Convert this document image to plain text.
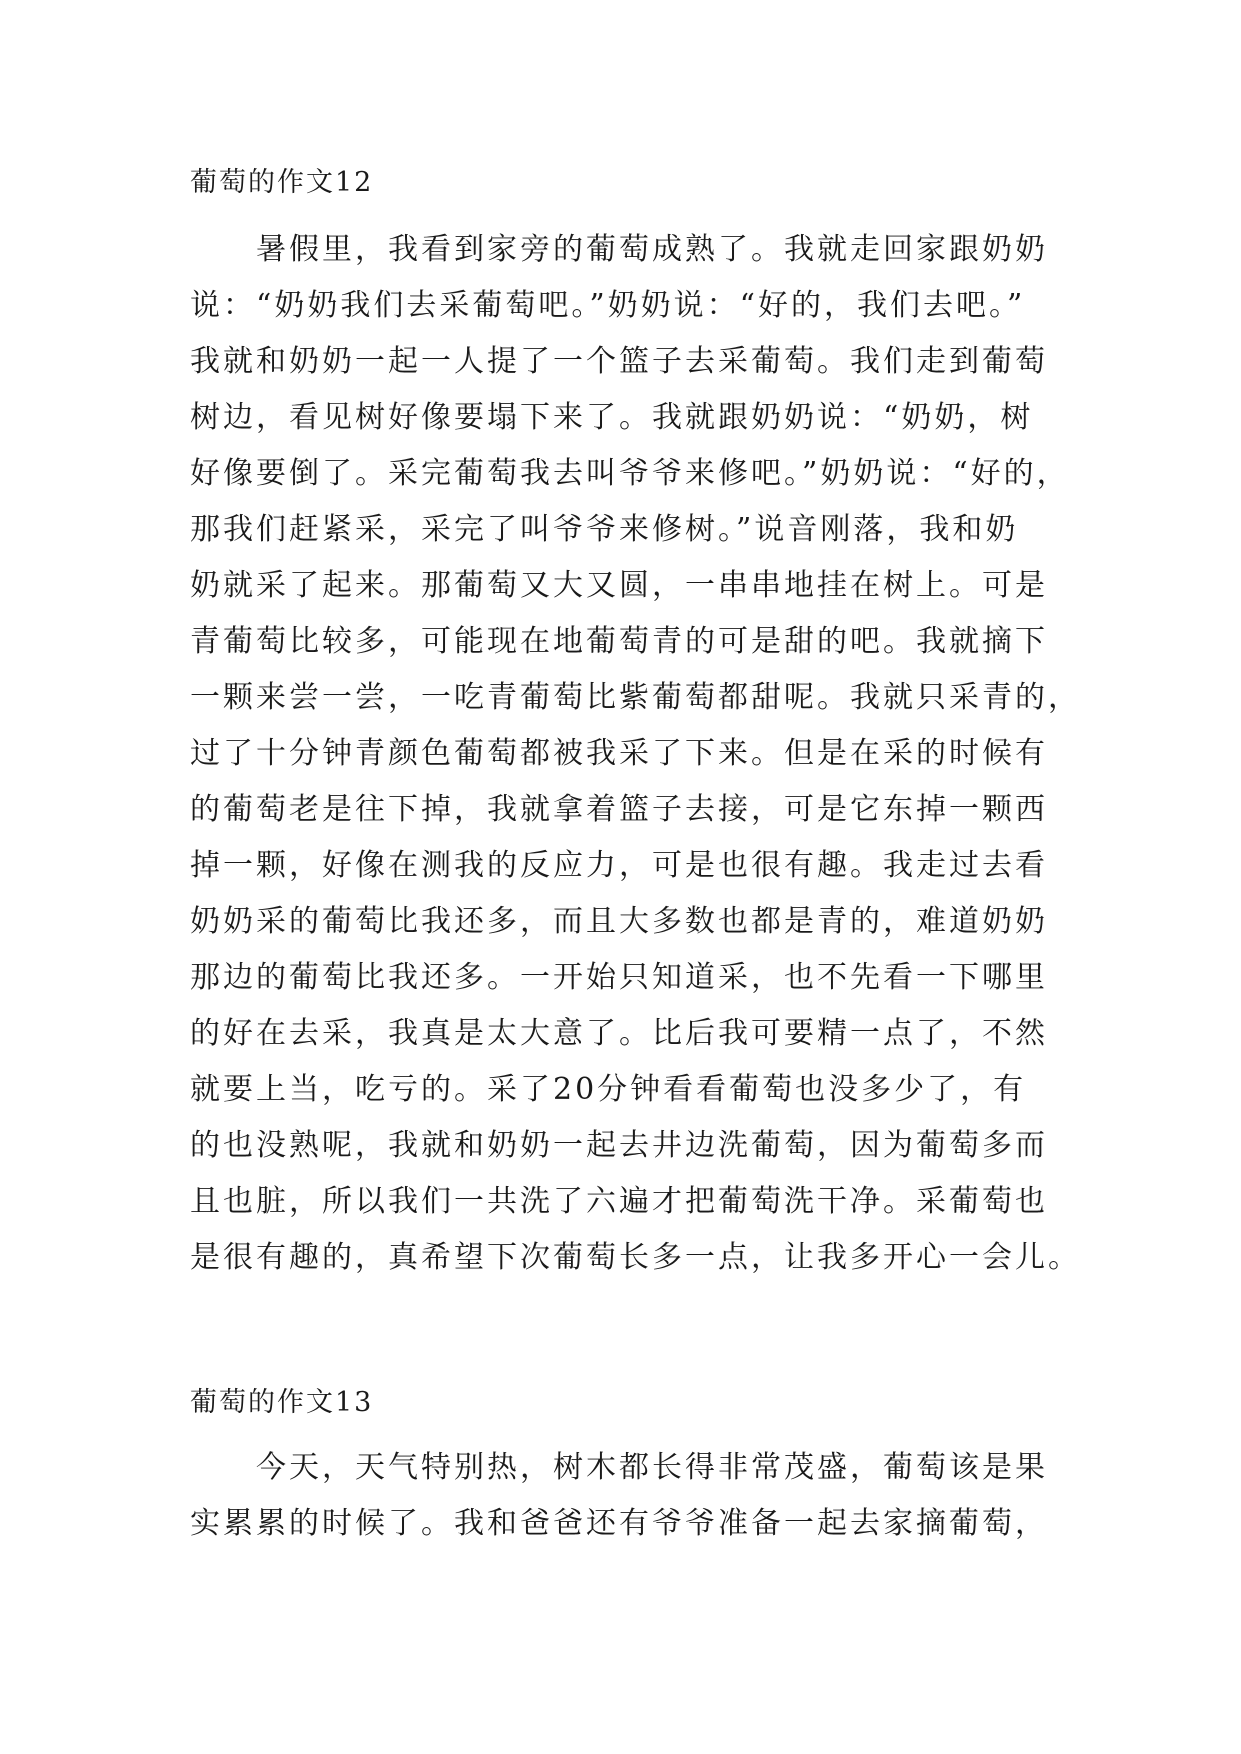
葡萄的作文12
　　暑假里，我看到家旁的葡萄成熟了。我就走回家跟奶奶
说：“奶奶我们去采葡萄吧。”奶奶说：“好的，我们去吧。”
我就和奶奶一起一人提了一个篮子去采葡萄。我们走到葡萄
树边，看见树好像要塌下来了。我就跟奶奶说：“奶奶，树
好像要倒了。采完葡萄我去叫爷爷来修吧。”奶奶说：“好的，
那我们赶紧采，采完了叫爷爷来修树。”说音刚落，我和奶
奶就采了起来。那葡萄又大又圆，一串串地挂在树上。可是
青葡萄比较多，可能现在地葡萄青的可是甜的吧。我就摘下
一颗来尝一尝，一吃青葡萄比紫葡萄都甜呢。我就只采青的，
过了十分钟青颜色葡萄都被我采了下来。但是在采的时候有
的葡萄老是往下掉，我就拿着篮子去接，可是它东掉一颗西
掉一颗，好像在测我的反应力，可是也很有趣。我走过去看
奶奶采的葡萄比我还多，而且大多数也都是青的，难道奶奶
那边的葡萄比我还多。一开始只知道采，也不先看一下哪里
的好在去采，我真是太大意了。比后我可要精一点了，不然
就要上当，吃亏的。采了20分钟看看葡萄也没多少了，有
的也没熟呢，我就和奶奶一起去井边洗葡萄，因为葡萄多而
且也脏，所以我们一共洗了六遍才把葡萄洗干净。采葡萄也
是很有趣的，真希望下次葡萄长多一点，让我多开心一会儿。
葡萄的作文13
　　今天，天气特别热，树木都长得非常茂盛，葡萄该是果
实累累的时候了。我和爸爸还有爷爷准备一起去家摘葡萄，
